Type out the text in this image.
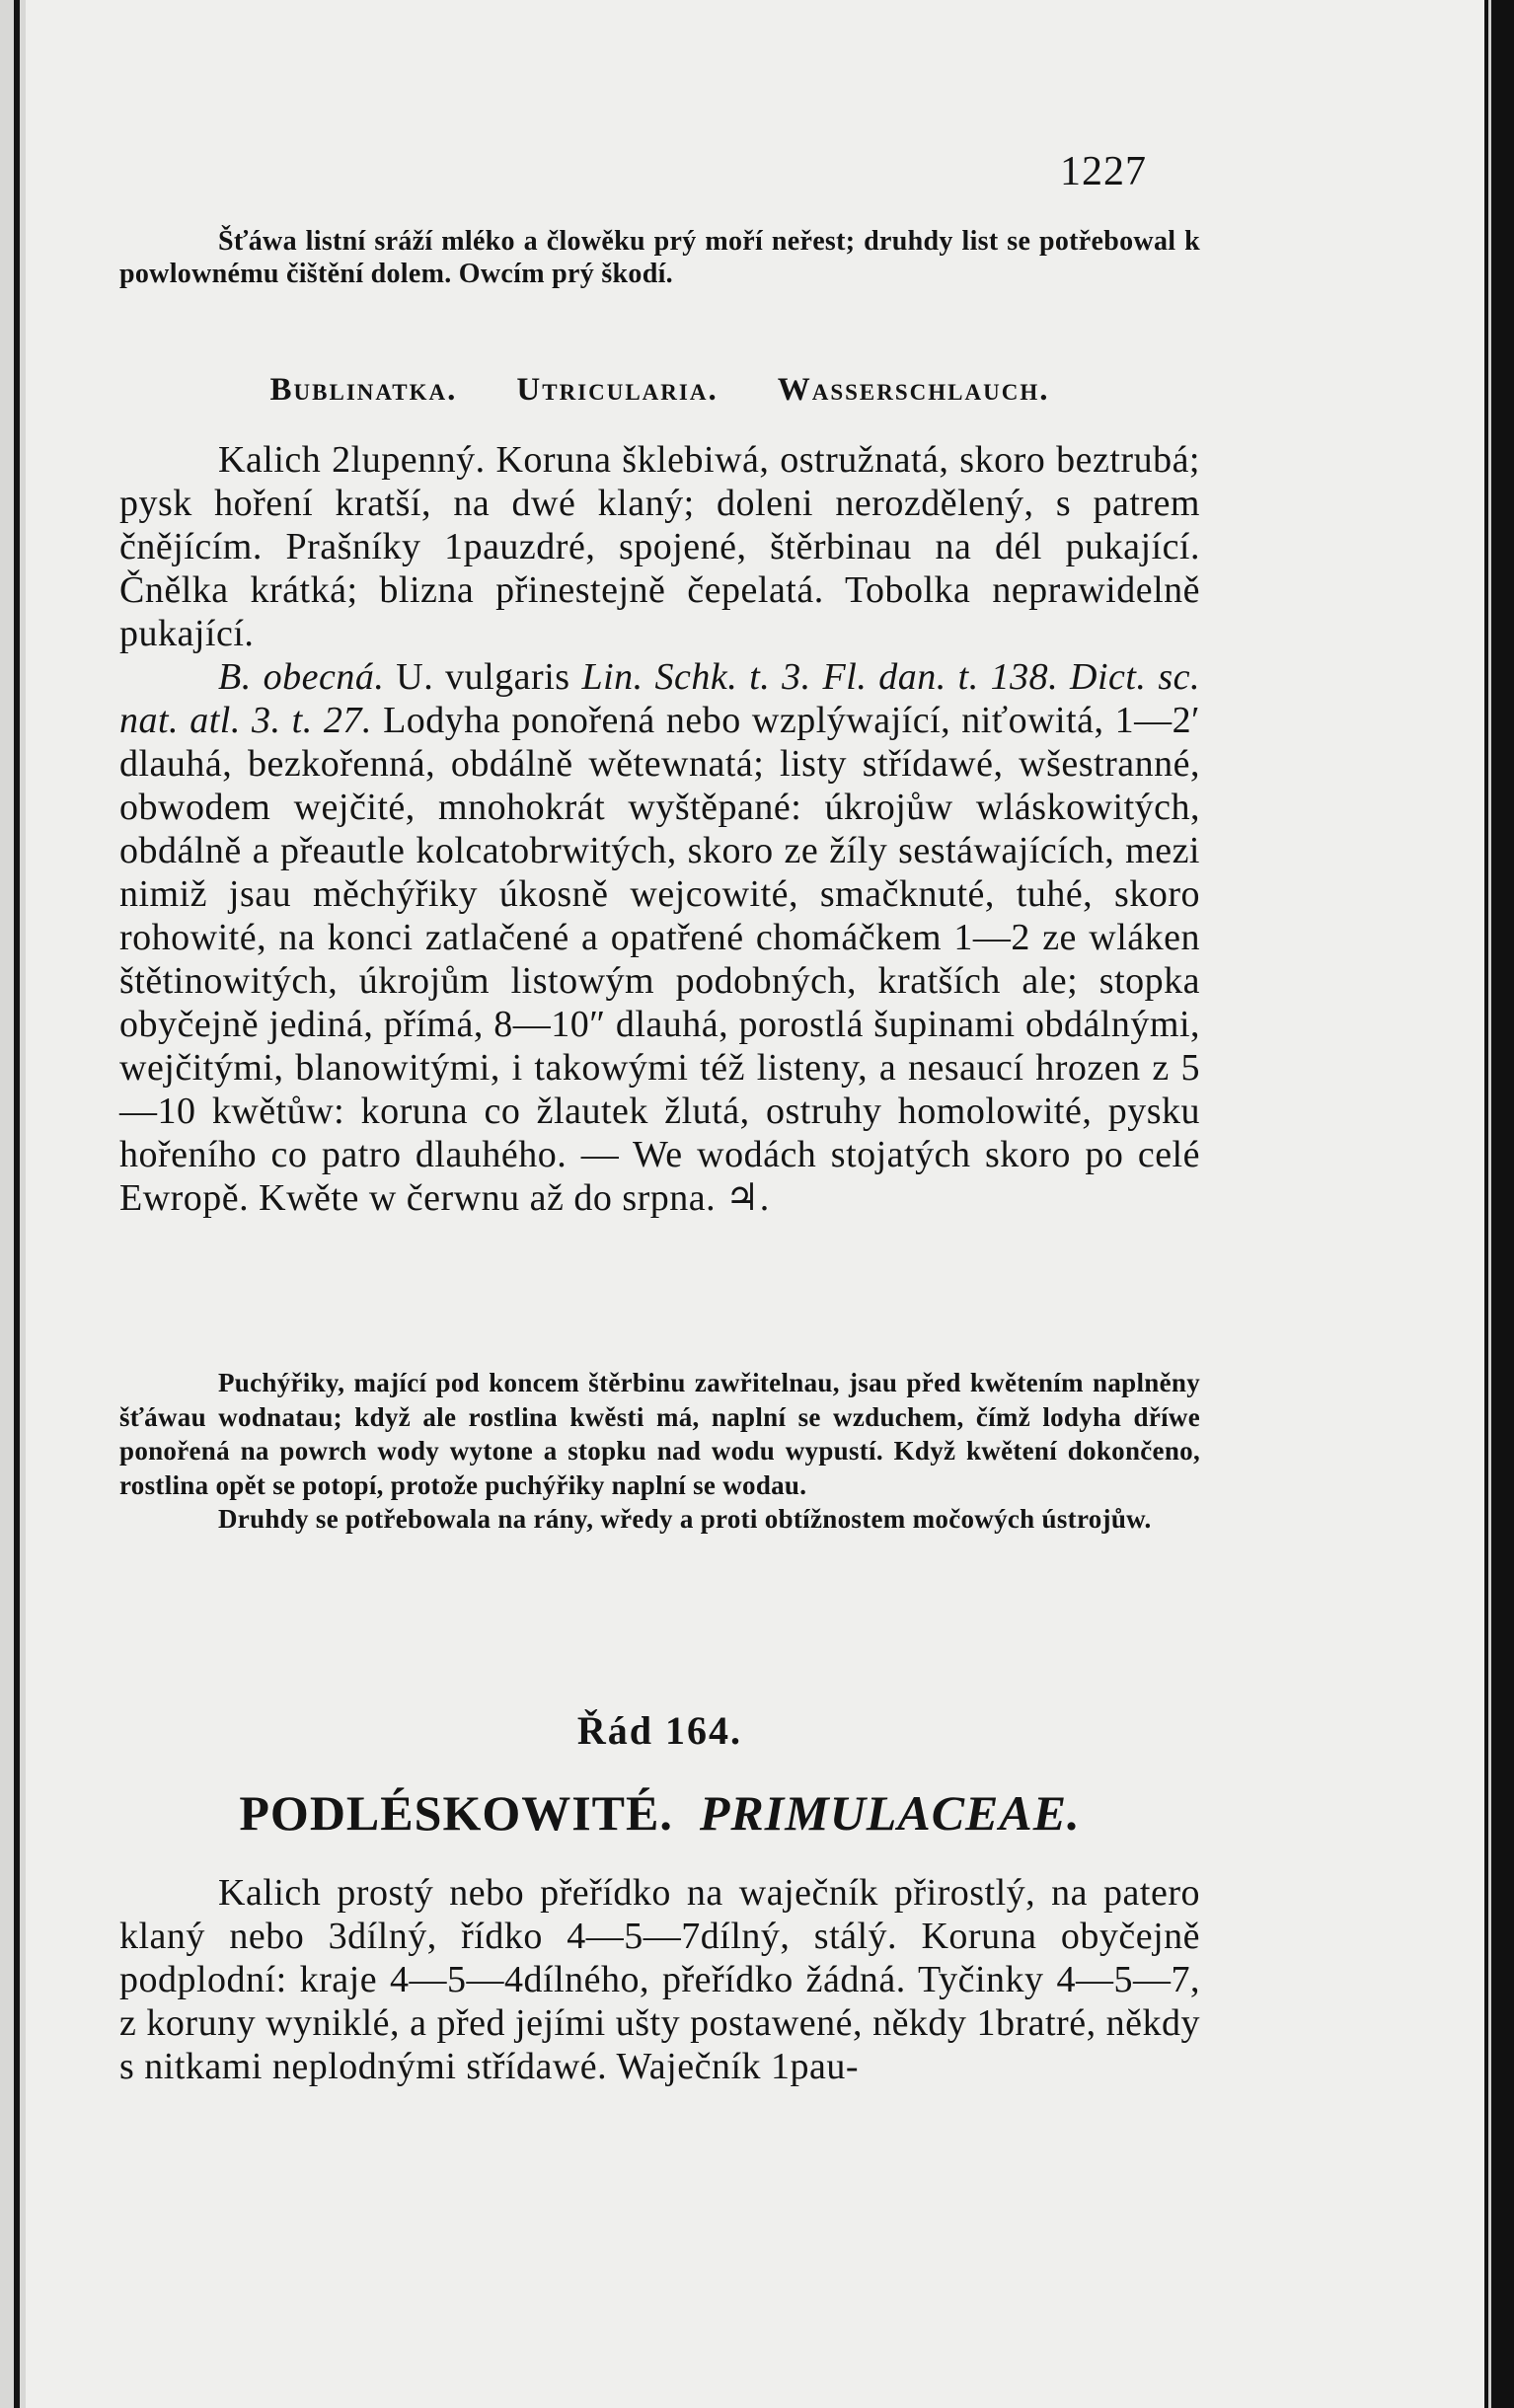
1227

Šťáwa listní sráží mléko a člowěku prý moří neřest; druhdy list se potřebowal k powlownému čištění dolem. Owcím prý škodí.

Bublinatka. Utricularia. Wasserschlauch.

Kalich 2lupenný. Koruna šklebiwá, ostružnatá, skoro beztrubá; pysk hoření kratší, na dwé klaný; doleni nerozdělený, s patrem čnějícím. Prašníky 1pauzdré, spojené, štěrbinau na dél pukající. Čnělka krátká; blizna přinestejně čepelatá. Tobolka neprawidelně pukající.

B. obecná. U. vulgaris Lin. Schk. t. 3. Fl. dan. t. 138. Dict. sc. nat. atl. 3. t. 27. Lodyha ponořená nebo wzplýwající, niťowitá, 1—2′ dlauhá, bezkořenná, obdálně wětewnatá; listy střídawé, wšestranné, obwodem wejčité, mnohokrát wyštěpané: úkrojůw wláskowitých, obdálně a přeautle kolcatobrwitých, skoro ze žíly sestáwajících, mezi nimiž jsau měchýřiky úkosně wejcowité, smačknuté, tuhé, skoro rohowité, na konci zatlačené a opatřené chomáčkem 1—2 ze wláken štětinowitých, úkrojům listowým podobných, kratších ale; stopka obyčejně jediná, přímá, 8—10″ dlauhá, porostlá šupinami obdálnými, wejčitými, blanowitými, i takowými též listeny, a nesaucí hrozen z 5—10 kwětůw: koruna co žlautek žlutá, ostruhy homolowité, pysku hořeního co patro dlauhého. — We wodách stojatých skoro po celé Ewropě. Kwěte w čerwnu až do srpna. ♃.

Puchýřiky, mající pod koncem štěrbinu zawřitelnau, jsau před kwětením naplněny šťáwau wodnatau; když ale rostlina kwěsti má, naplní se wzduchem, čímž lodyha dříwe ponořená na powrch wody wytone a stopku nad wodu wypustí. Když kwětení dokončeno, rostlina opět se potopí, protože puchýřiky naplní se wodau.

Druhdy se potřebowala na rány, wředy a proti obtížnostem močowých ústrojůw.

Řád 164.
PODLÉSKOWITÉ. PRIMULACEAE.

Kalich prostý nebo přeřídko na waječník přirostlý, na patero klaný nebo 3dílný, řídko 4—5—7dílný, stálý. Koruna obyčejně podplodní: kraje 4—5—4dílného, přeřídko žádná. Tyčinky 4—5—7, z koruny wyniklé, a před jejími ušty postawené, někdy 1bratré, někdy s nitkami neplodnými střídawé. Waječník 1pau-
